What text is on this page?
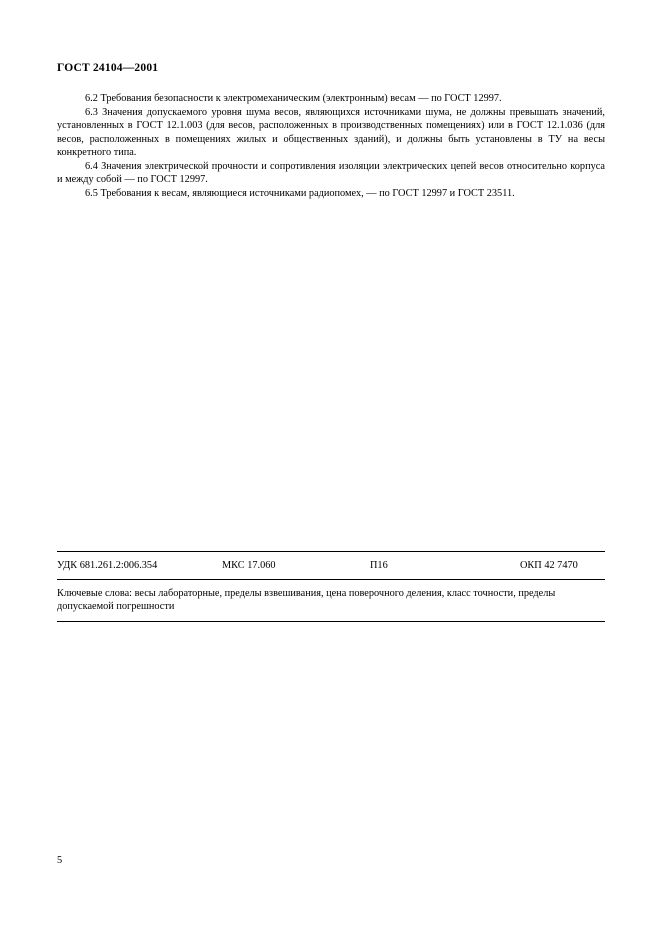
ГОСТ 24104—2001

6.2 Требования безопасности к электромеханическим (электронным) весам — по ГОСТ 12997.

6.3 Значения допускаемого уровня шума весов, являющихся источниками шума, не должны превышать значений, установленных в ГОСТ 12.1.003 (для весов, расположенных в производственных помещениях) или в ГОСТ 12.1.036 (для весов, расположенных в помещениях жилых и общественных зданий), и должны быть установлены в ТУ на весы конкретного типа.

6.4 Значения электрической прочности и сопротивления изоляции электрических цепей весов относительно корпуса и между собой — по ГОСТ 12997.

6.5 Требования к весам, являющиеся источниками радиопомех, — по ГОСТ 12997 и ГОСТ 23511.

УДК 681.261.2:006.354	МКС 17.060	П16	ОКП 42 7470
Ключевые слова: весы лабораторные, пределы взвешивания, цена поверочного деления, класс точности, пределы допускаемой погрешности
5
